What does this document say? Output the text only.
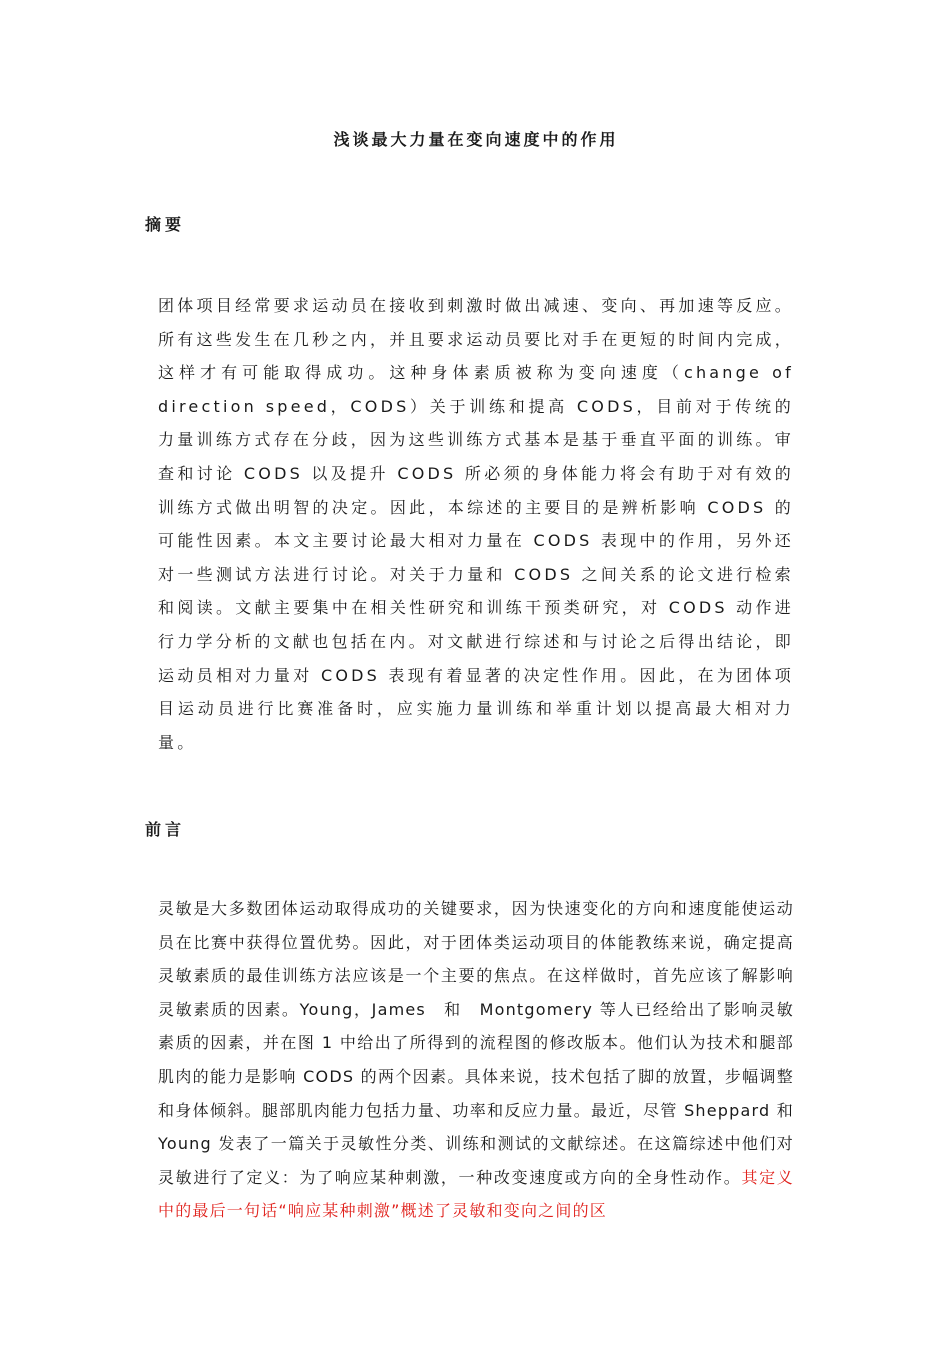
浅谈最大力量在变向速度中的作用
摘要

团体项目经常要求运动员在接收到刺激时做出减速、变向、再加速等反应。所有这些发生在几秒之内，并且要求运动员要比对手在更短的时间内完成，这样才有可能取得成功。这种身体素质被称为变向速度（change of direction speed，CODS）关于训练和提高 CODS，目前对于传统的力量训练方式存在分歧，因为这些训练方式基本是基于垂直平面的训练。审查和讨论 CODS 以及提升 CODS 所必须的身体能力将会有助于对有效的训练方式做出明智的决定。因此，本综述的主要目的是辨析影响 CODS 的可能性因素。本文主要讨论最大相对力量在 CODS 表现中的作用，另外还对一些测试方法进行讨论。对关于力量和 CODS 之间关系的论文进行检索和阅读。文献主要集中在相关性研究和训练干预类研究，对 CODS 动作进行力学分析的文献也包括在内。对文献进行综述和与讨论之后得出结论，即运动员相对力量对 CODS 表现有着显著的决定性作用。因此，在为团体项目运动员进行比赛准备时，应实施力量训练和举重计划以提高最大相对力量。

前言

灵敏是大多数团体运动取得成功的关键要求，因为快速变化的方向和速度能使运动员在比赛中获得位置优势。因此，对于团体类运动项目的体能教练来说，确定提高灵敏素质的最佳训练方法应该是一个主要的焦点。在这样做时，首先应该了解影响灵敏素质的因素。Young，James　和　Montgomery 等人已经给出了影响灵敏素质的因素，并在图 1 中给出了所得到的流程图的修改版本。他们认为技术和腿部肌肉的能力是影响 CODS 的两个因素。具体来说，技术包括了脚的放置，步幅调整和身体倾斜。腿部肌肉能力包括力量、功率和反应力量。最近，尽管 Sheppard 和 Young 发表了一篇关于灵敏性分类、训练和测试的文献综述。在这篇综述中他们对灵敏进行了定义：为了响应某种刺激，一种改变速度或方向的全身性动作。其定义中的最后一句话“响应某种刺激”概述了灵敏和变向之间的区
